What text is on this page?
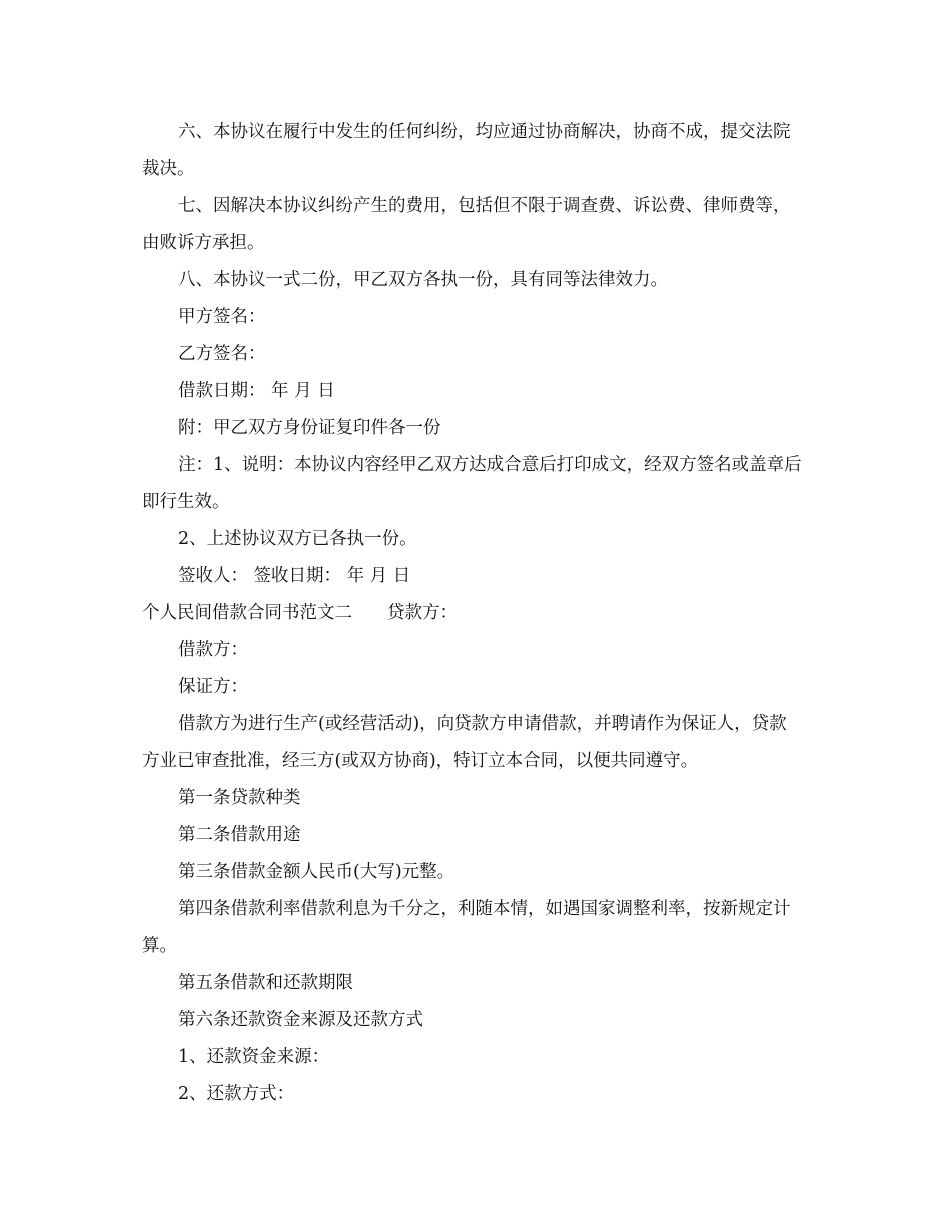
六、本协议在履行中发生的任何纠纷，均应通过协商解决，协商不成，提交法院裁决。

七、因解决本协议纠纷产生的费用，包括但不限于调查费、诉讼费、律师费等，由败诉方承担。

八、本协议一式二份，甲乙双方各执一份，具有同等法律效力。

甲方签名：

乙方签名：

借款日期： 年 月 日

附：甲乙双方身份证复印件各一份

注：1、说明：本协议内容经甲乙双方达成合意后打印成文，经双方签名或盖章后即行生效。

2、上述协议双方已各执一份。

签收人： 签收日期： 年 月 日

个人民间借款合同书范文二　　贷款方：

借款方：

保证方：

借款方为进行生产(或经营活动)，向贷款方申请借款，并聘请作为保证人，贷款方业已审查批准，经三方(或双方协商)，特订立本合同，以便共同遵守。

第一条贷款种类

第二条借款用途

第三条借款金额人民币(大写)元整。

第四条借款利率借款利息为千分之，利随本情，如遇国家调整利率，按新规定计算。

第五条借款和还款期限

第六条还款资金来源及还款方式

1、还款资金来源：

2、还款方式：
